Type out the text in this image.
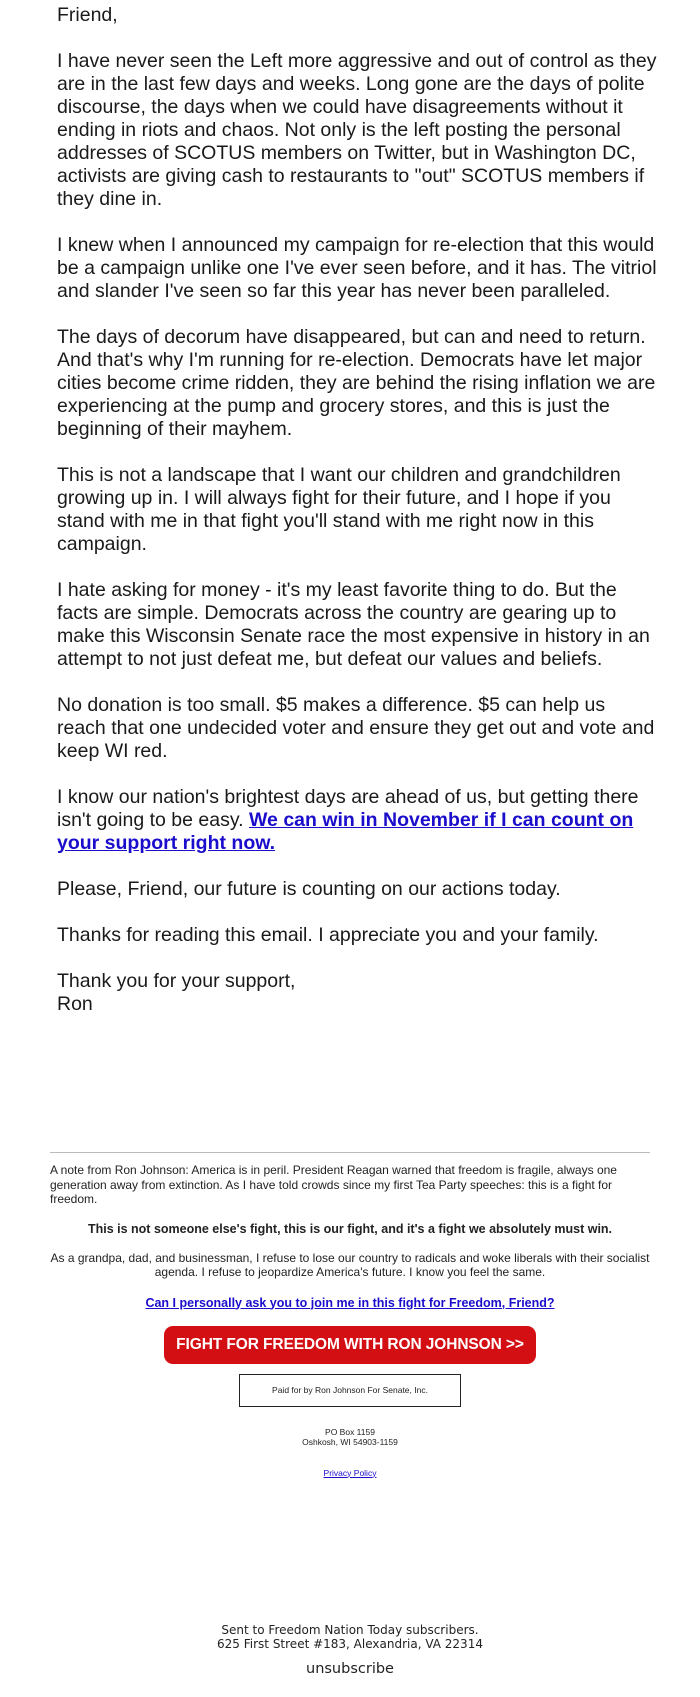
Friend,

I have never seen the Left more aggressive and out of control as they are in the last few days and weeks. Long gone are the days of polite discourse, the days when we could have disagreements without it ending in riots and chaos. Not only is the left posting the personal addresses of SCOTUS members on Twitter, but in Washington DC, activists are giving cash to restaurants to "out" SCOTUS members if they dine in.

I knew when I announced my campaign for re-election that this would be a campaign unlike one I've ever seen before, and it has. The vitriol and slander I've seen so far this year has never been paralleled.

The days of decorum have disappeared, but can and need to return. And that's why I'm running for re-election. Democrats have let major cities become crime ridden, they are behind the rising inflation we are experiencing at the pump and grocery stores, and this is just the beginning of their mayhem.

This is not a landscape that I want our children and grandchildren growing up in. I will always fight for their future, and I hope if you stand with me in that fight you'll stand with me right now in this campaign.

I hate asking for money - it's my least favorite thing to do. But the facts are simple. Democrats across the country are gearing up to make this Wisconsin Senate race the most expensive in history in an attempt to not just defeat me, but defeat our values and beliefs.

No donation is too small. $5 makes a difference. $5 can help us reach that one undecided voter and ensure they get out and vote and keep WI red.

I know our nation's brightest days are ahead of us, but getting there isn't going to be easy. We can win in November if I can count on your support right now.

Please, Friend, our future is counting on our actions today.

Thanks for reading this email. I appreciate you and your family.

Thank you for your support,
Ron

A note from Ron Johnson: America is in peril. President Reagan warned that freedom is fragile, always one generation away from extinction. As I have told crowds since my first Tea Party speeches: this is a fight for freedom.

This is not someone else's fight, this is our fight, and it's a fight we absolutely must win.

As a grandpa, dad, and businessman, I refuse to lose our country to radicals and woke liberals with their socialist agenda. I refuse to jeopardize America's future. I know you feel the same.

Can I personally ask you to join me in this fight for Freedom, Friend?

FIGHT FOR FREEDOM WITH RON JOHNSON >>
Paid for by Ron Johnson For Senate, Inc.

PO Box 1159
Oshkosh, WI 54903-1159

Privacy Policy

Sent to Freedom Nation Today subscribers.
625 First Street #183, Alexandria, VA 22314
unsubscribe
